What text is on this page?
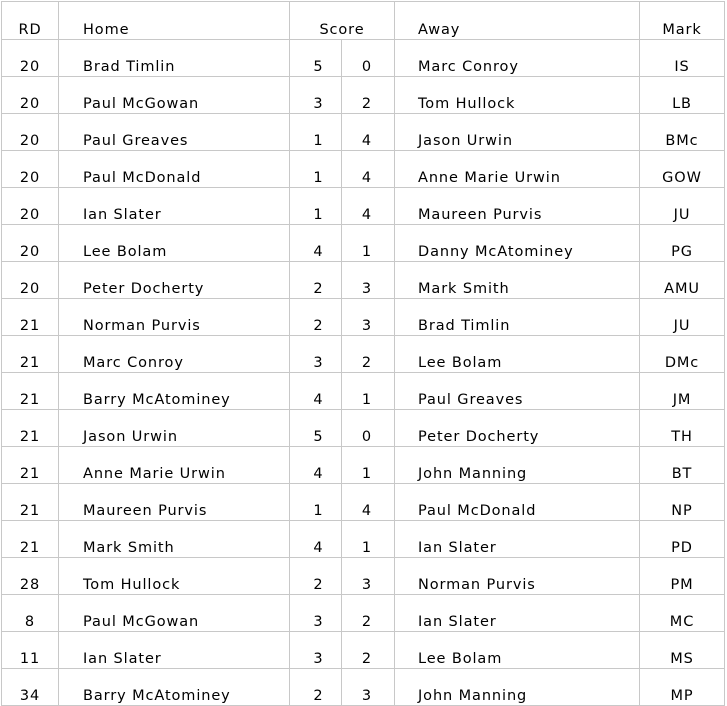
RD	Home	Score		Away	Mark
20	Brad Timlin	5	0	Marc Conroy	IS
20	Paul McGowan	3	2	Tom Hullock	LB
20	Paul Greaves	1	4	Jason Urwin	BMc
20	Paul McDonald	1	4	Anne Marie Urwin	GOW
20	Ian Slater	1	4	Maureen Purvis	JU
20	Lee Bolam	4	1	Danny McAtominey	PG
20	Peter Docherty	2	3	Mark Smith	AMU
21	Norman Purvis	2	3	Brad Timlin	JU
21	Marc Conroy	3	2	Lee Bolam	DMc
21	Barry McAtominey	4	1	Paul Greaves	JM
21	Jason Urwin	5	0	Peter Docherty	TH
21	Anne Marie Urwin	4	1	John Manning	BT
21	Maureen Purvis	1	4	Paul McDonald	NP
21	Mark Smith	4	1	Ian Slater	PD
28	Tom Hullock	2	3	Norman Purvis	PM
8	Paul McGowan	3	2	Ian Slater	MC
11	Ian Slater	3	2	Lee Bolam	MS
34	Barry McAtominey	2	3	John Manning	MP
